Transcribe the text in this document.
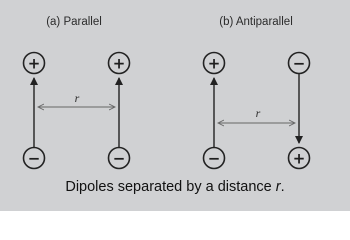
(a) Parallel
+
−
+
−
r
(b) Antiparallel
+
−
−
+
r
Dipoles separated by a distance r.
